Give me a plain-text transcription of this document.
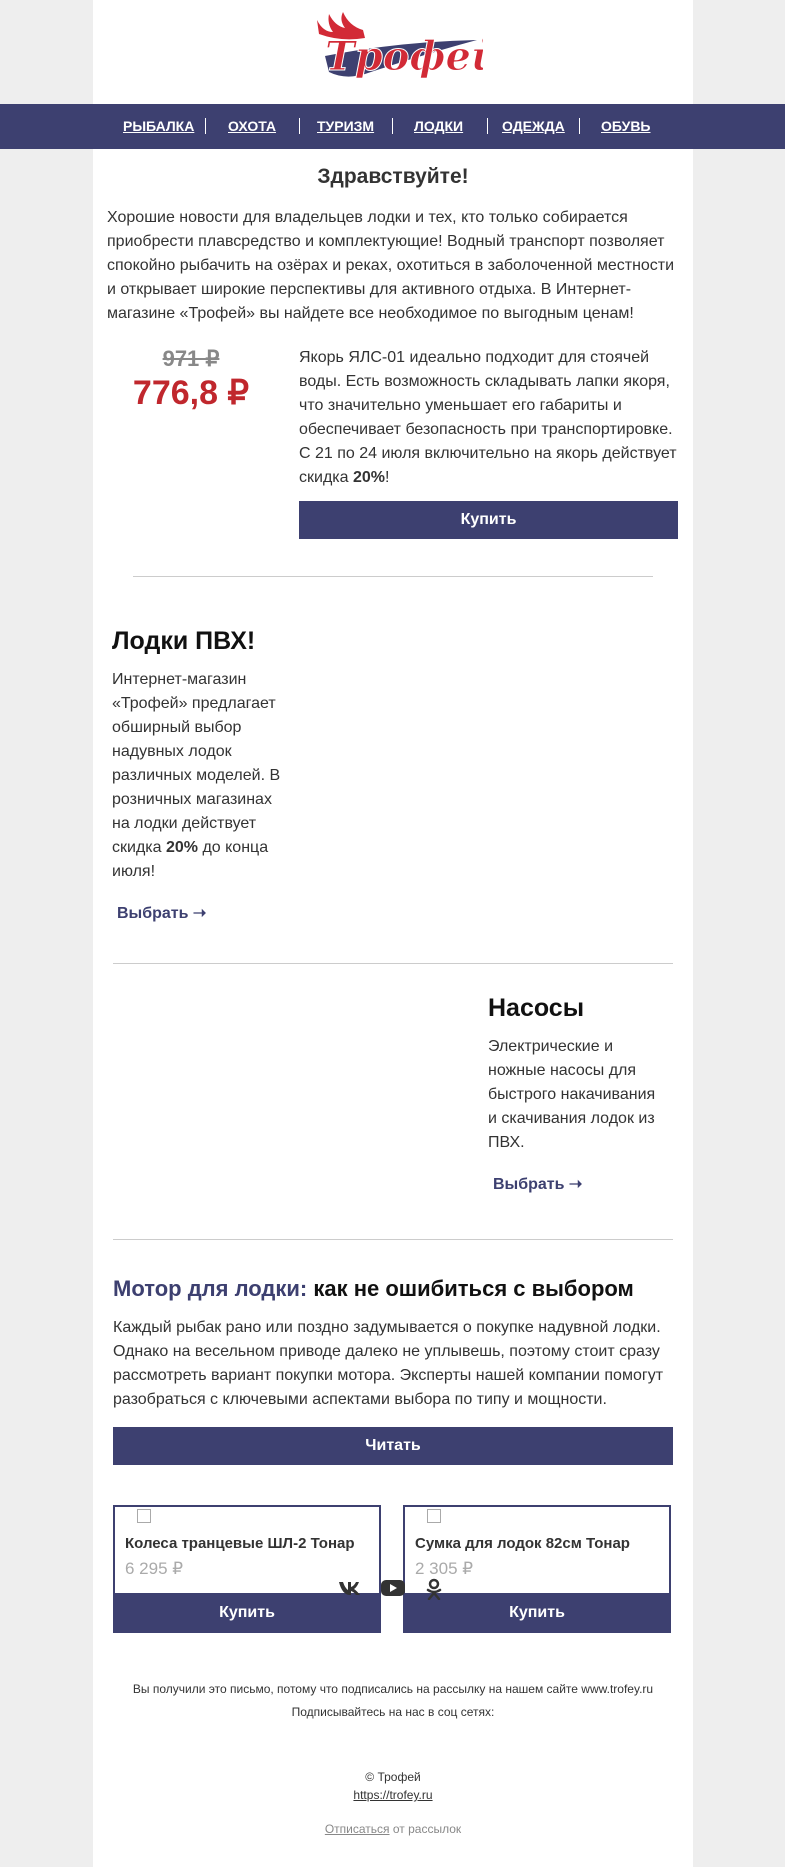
Трофей
РЫБАЛКА ОХОТА	ТУРИЗМ	ЛОДКИ	ОДЕЖДА	ОБУВЬ
Здравствуйте!
Хорошие новости для владельцев лодки и тех, кто только собирается приобрести плавсредство и комплектующие! Водный транспорт позволяет спокойно рыбачить на озёрах и реках, охотиться в заболоченной местности и открывает широкие перспективы для активного отдыха. В Интернет-магазине «Трофей» вы найдете все необходимое по выгодным ценам!
971 ₽
776,8 ₽
Якорь ЯЛС-01 идеально подходит для стоячей воды. Есть возможность складывать лапки якоря, что значительно уменьшает его габариты и обеспечивает безопасность при транспортировке. С 21 по 24 июля включительно на якорь действует скидка 20%!
Купить
Лодки ПВХ!
Интернет-магазин «Трофей» предлагает обширный выбор надувных лодок различных моделей. В розничных магазинах на лодки действует скидка 20% до конца июля!
Выбрать ➝
Насосы
Электрические и ножные насосы для быстрого накачивания и скачивания лодок из ПВХ.
Выбрать ➝
Мотор для лодки: как не ошибиться с выбором
Каждый рыбак рано или поздно задумывается о покупке надувной лодки. Однако на весельном приводе далеко не уплывешь, поэтому стоит сразу рассмотреть вариант покупки мотора. Эксперты нашей компании помогут разобраться с ключевыми аспектами выбора по типу и мощности.
Читать
Колеса транцевые ШЛ-2 Тонар
6 295 ₽
Купить
Сумка для лодок 82см Тонар
2 305 ₽
Купить
Вы получили это письмо, потому что подписались на рассылку на нашем сайте www.trofey.ru
Подписывайтесь на нас в соц сетях:
© Трофей
https://trofey.ru
Отписаться от рассылок
